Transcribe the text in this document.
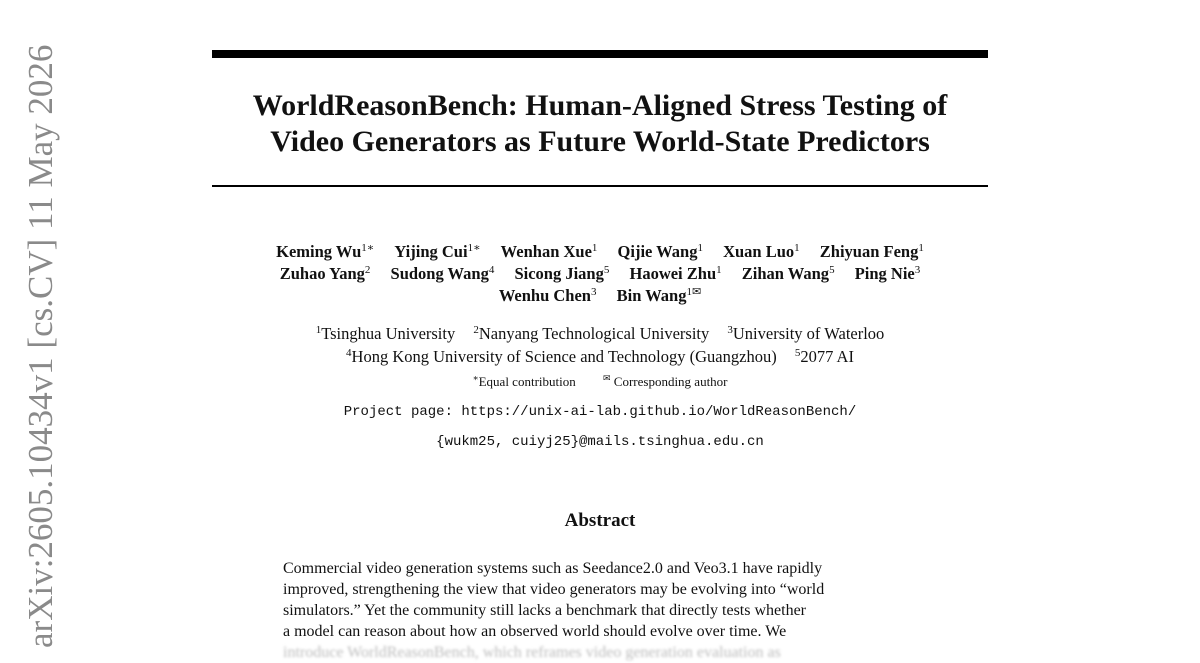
WorldReasonBench: Human-Aligned Stress Testing of
Video Generators as Future World-State Predictors
Keming $Wu^{1∗}$ Yijing Cui$^{1∗}$ Wenhan Xue$^1$ Qijie Wang$^1$ Xuan Luo$^1$ Zhiyuan Feng$^1$
Zuhao Yang$^2$ Sudong Wang$^4$ Sicong Jiang$^5$ Haowei Zhu$^1$ Zihan Wang$^5$ Ping Nie$^3$
Wenhu Chen$^3$ Bin Wang$^{1✉}$
$^1$Tsinghua University $^2$Nanyang Technological University $^3$University of Waterloo
$^4$Hong Kong University of Science and Technology (Guangzhou) $^5$2077 AI
∗Equal contribution	✉ Corresponding author
Project page: https://unix-ai-lab.github.io/WorldReasonBench/
{wukm25, cuiyj25}@mails.tsinghua.edu.cn
Abstract
Commercial video generation systems such as Seedance2.0 and Veo3.1 have rapidly
improved, strengthening the view that video generators may be evolving into “world
simulators.” Yet the community still lacks a benchmark that directly tests whether
a model can reason about how an observed world should evolve over time. We
introduce WorldReasonBench, which reframes video generation evaluation as
arXiv:2605.10434v1 [cs.CV] 11 May 2026
